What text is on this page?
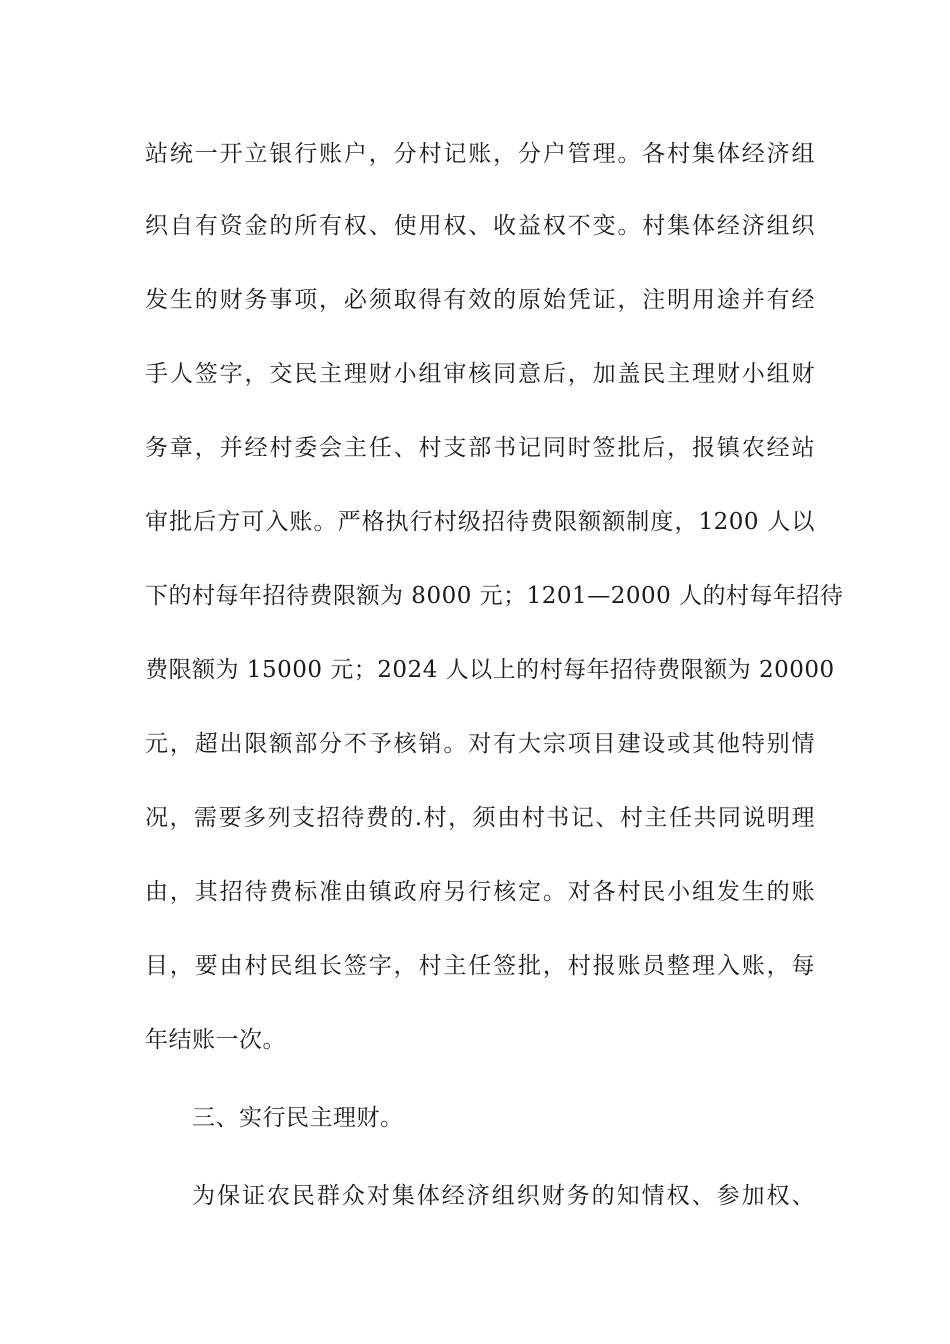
站统一开立银行账户，分村记账，分户管理。各村集体经济组
织自有资金的所有权、使用权、收益权不变。村集体经济组织
发生的财务事项，必须取得有效的原始凭证，注明用途并有经
手人签字，交民主理财小组审核同意后，加盖民主理财小组财
务章，并经村委会主任、村支部书记同时签批后，报镇农经站
审批后方可入账。严格执行村级招待费限额额制度，1200 人以
下的村每年招待费限额为 8000 元；1201—2000 人的村每年招待
费限额为 15000 元；2024 人以上的村每年招待费限额为 20000
元，超出限额部分不予核销。对有大宗项目建设或其他特别情
况，需要多列支招待费的.村，须由村书记、村主任共同说明理
由，其招待费标准由镇政府另行核定。对各村民小组发生的账
目，要由村民组长签字，村主任签批，村报账员整理入账，每
年结账一次。
三、实行民主理财。
为保证农民群众对集体经济组织财务的知情权、参加权、
